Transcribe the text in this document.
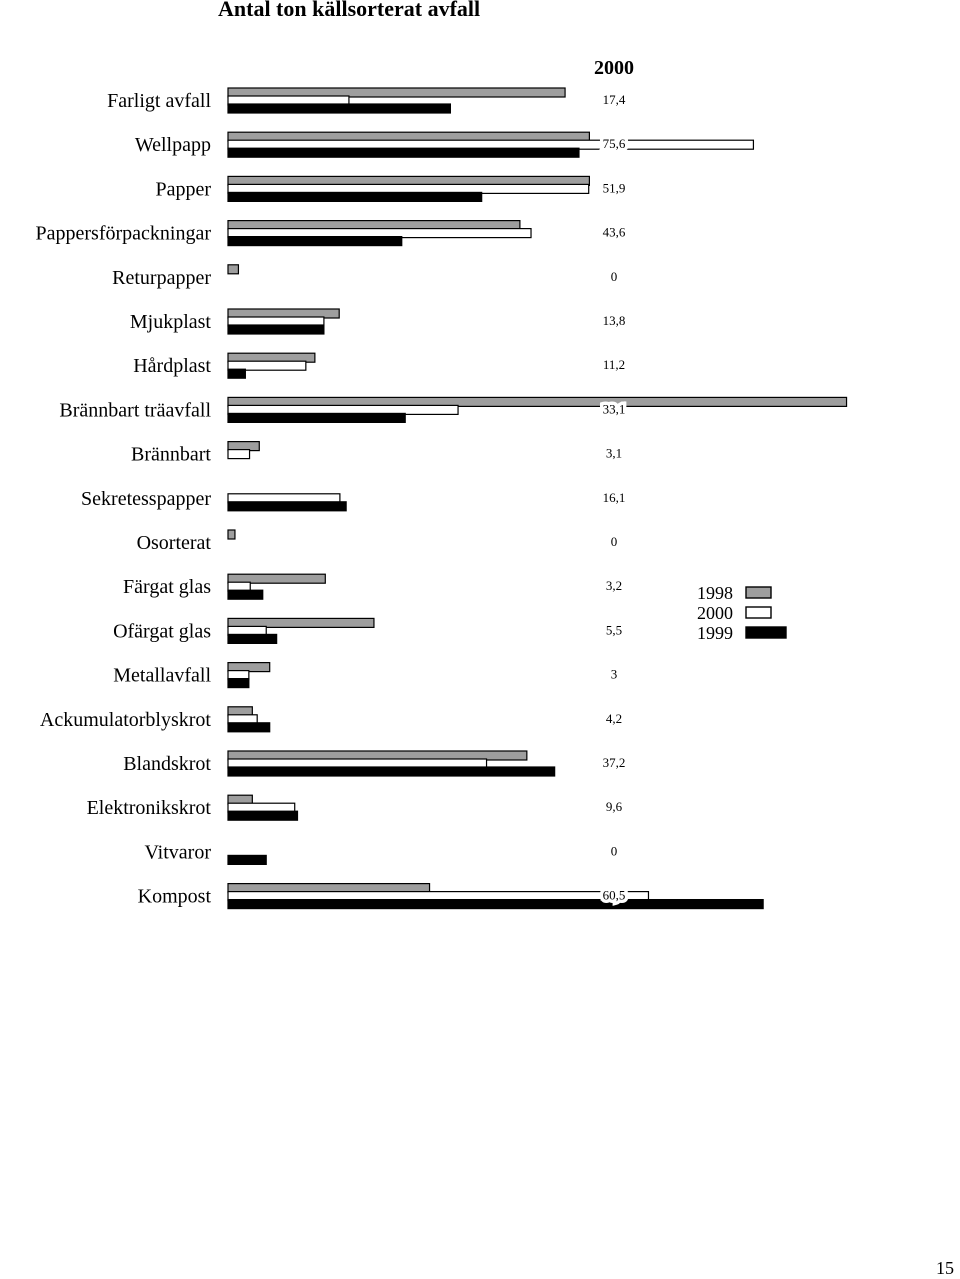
Antal ton källsorterat avfall
2000
Farligt avfall	17,4
Wellpapp	75,6
Papper	51,9
Pappersförpackningar	43,6
Returpapper	0
Mjukplast	13,8
Hårdplast	11,2
Brännbart träavfall	33,1
Brännbart	3,1
Sekretesspapper	16,1
Osorterat	0
Färgat glas	3,2
Ofärgat glas	5,5
Metallavfall	3
Ackumulatorblyskrot	4,2
Blandskrot	37,2
Elektronikskrot	9,6
Vitvaror	0
Kompost	60,5
1998
2000
1999
15
